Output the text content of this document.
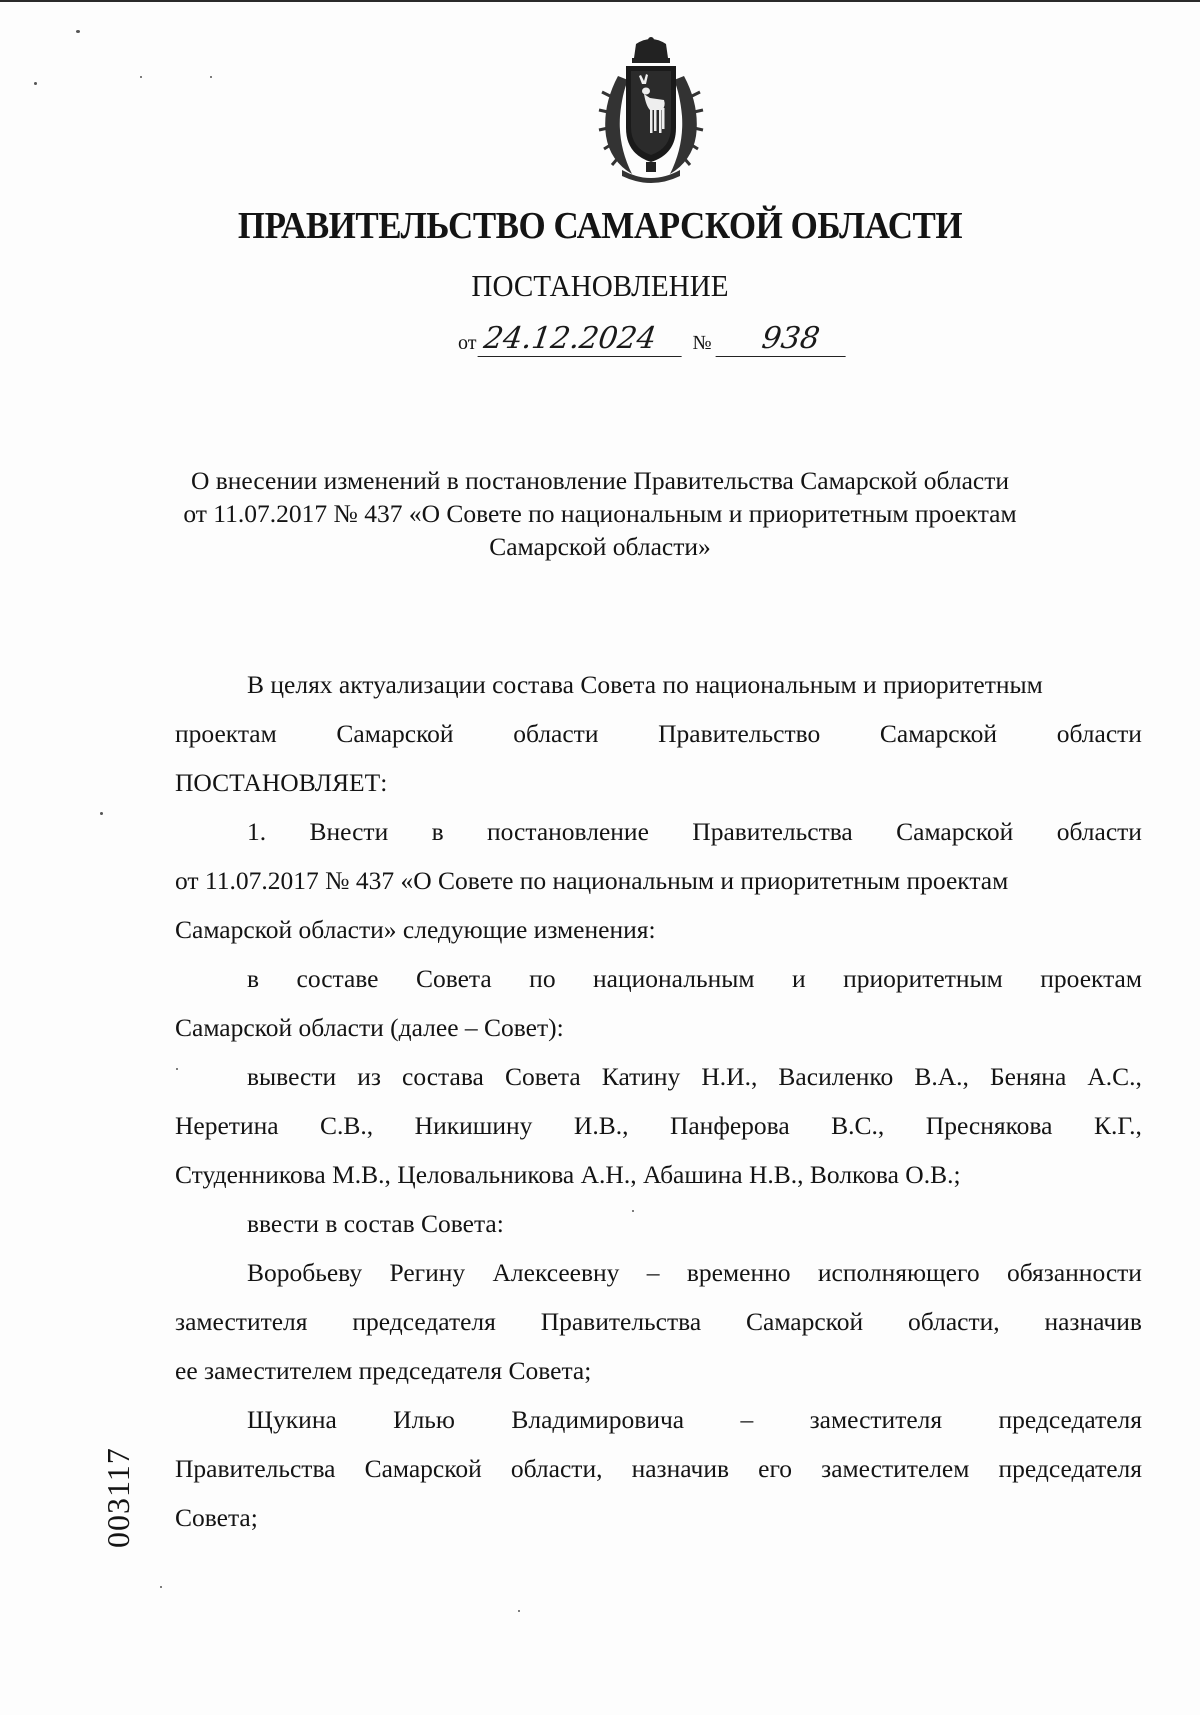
ПРАВИТЕЛЬСТВО САМАРСКОЙ ОБЛАСТИ
ПОСТАНОВЛЕНИЕ
от 24.12.2024	№	938
О внесении изменений в постановление Правительства Самарской области
от 11.07.2017 № 437 «О Совете по национальным и приоритетным проектам
Самарской области»
В целях актуализации состава Совета по национальным и приоритетным
проектам Самарской области Правительство Самарской области
ПОСТАНОВЛЯЕТ:
1. Внести в постановление Правительства Самарской области
от 11.07.2017 № 437 «О Совете по национальным и приоритетным проектам
Самарской области» следующие изменения:
в составе Совета по национальным и приоритетным проектам
Самарской области (далее – Совет):
вывести из состава Совета Катину Н.И., Василенко В.А., Беняна А.С.,
Неретина С.В., Никишину И.В., Панферова В.С., Преснякова К.Г.,
Студенникова М.В., Целовальникова А.Н., Абашина Н.В., Волкова О.В.;
ввести в состав Совета:
Воробьеву Регину Алексеевну – временно исполняющего обязанности
заместителя председателя Правительства Самарской области, назначив
ее заместителем председателя Совета;
Щукина Илью Владимировича – заместителя председателя
Правительства Самарской области, назначив его заместителем председателя
Совета;
003117
